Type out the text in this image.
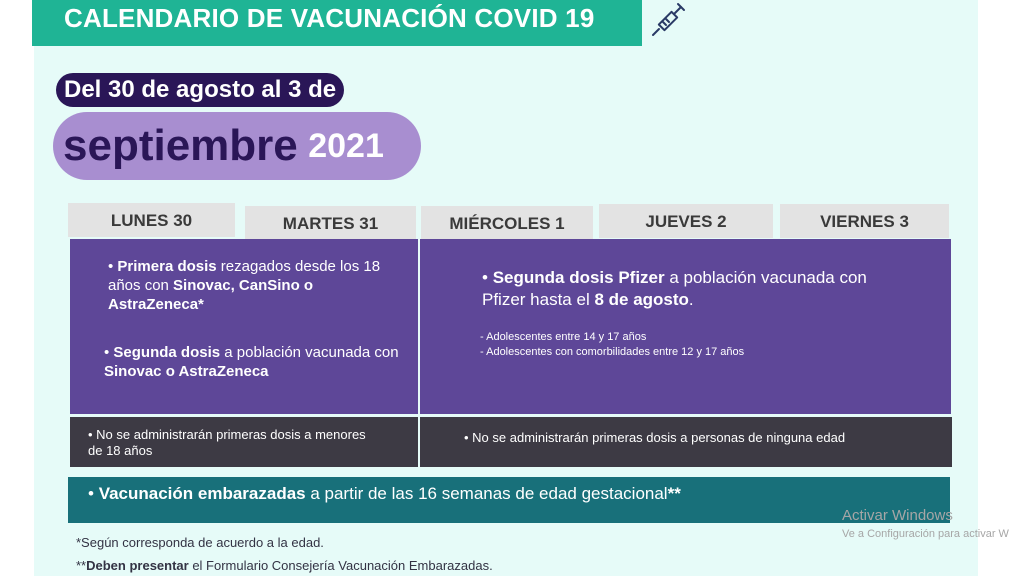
CALENDARIO DE VACUNACIÓN COVID 19
Del 30 de agosto al 3 de
septiembre 2021
LUNES 30	MARTES 31	MIÉRCOLES 1	JUEVES 2	VIERNES 3
• Primera dosis rezagados desde los 18 años con Sinovac, CanSino o AstraZeneca*
• Segunda dosis a población vacunada con Sinovac o AstraZeneca
• Segunda dosis Pfizer a población vacunada con Pfizer hasta el 8 de agosto.
- Adolescentes entre 14 y 17 años
- Adolescentes con comorbilidades entre 12 y 17 años
• No se administrarán primeras dosis a menores de 18 años
• No se administrarán primeras dosis a personas de ninguna edad
• Vacunación embarazadas a partir de las 16 semanas de edad gestacional**
*Según corresponda de acuerdo a la edad.
**Deben presentar el Formulario Consejería Vacunación Embarazadas.
Activar Windows
Ve a Configuración para activar W
